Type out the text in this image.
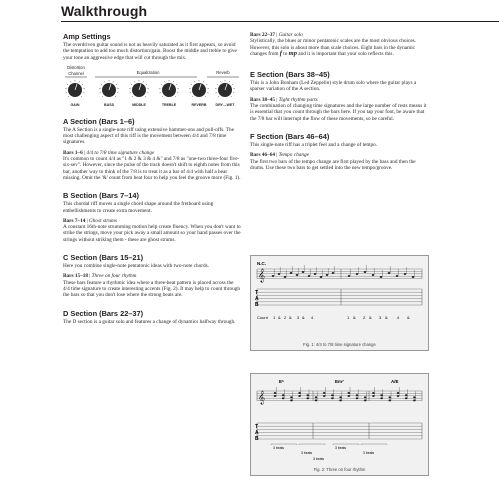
Walkthrough
Amp Settings

The overdriven guitar sound is not as heavily saturated as it first appears, so avoid the temptation to add too much distortion/gain. Boost the middle and treble to give your tone an aggressive edge that will cut through the mix.

Distortion Channel	Equalization	Reverb
GAIN	BASS	MIDDLE	TREBLE	REVERB	DRY—WET
A Section (Bars 1–6)

The A Section is a single-note riff using extensive hammer-ons and pull-offs. The most challenging aspect of this riff is the movement between 4/4 and 7/8 time signatures.

Bars 1–6 | 4/4 to 7/8 time signature change
It's common to count 4/4 as "1 & 2 & 3 & 4 &" and 7/8 as "one-two three-four five-six-sev". However, since the pulse of the track doesn't shift to eighth notes from this bar, another way to think of the 7/8 is to treat it as a bar of 4/4 with half a beat missing. Omit the '&' count from beat four to help you feel the groove more (Fig. 1).

B Section (Bars 7–14)

This chordal riff moves a single chord shape around the fretboard using embellishments to create extra movement.

Bars 7–14 | Ghost strums
A constant 16th-note strumming motion help create fluency. When you don't want to strike the strings, move your pick away a small amount so your hand passes over the strings without striking them - these are ghost strums.

C Section (Bars 15–21)

Here you combine single-note pentatonic ideas with two-note chords.

Bars 15–18 | Three on four rhythm
These bars feature a rhythmic idea where a three-beat pattern is placed across the 4/4 time signature to create interesting accents (Fig. 2). It may help to count through the bars so that you don't lose where the strong beats are.

D Section (Bars 22–37)

The D section is a guitar solo and features a change of dynamics halfway through.

Bars 22–37 | Guitar solo
Stylistically, the blues or minor pentatonic scales are the most obvious choices. However, this solo is about more than scale choices. Eight bars in the dynamic changes from f to mp and it is important that your solo reflects this.

E Section (Bars 38–45)

This is a John Bonham (Led Zeppelin) style drum solo where the guitar plays a sparser variation of the A section.

Bars 38–45 | Tight rhythm parts
The combination of changing time signatures and the large number of rests means it is essential that you count through the bars here. If you tap your foot, be aware that the 7/8 bar will interrupt the flow of these movements, so be careful.

F Section (Bars 46–64)

This single-note riff has a triplet feel and a change of tempo.

Bars 46–64 | Tempo change
The first two bars of the tempo change are first played by the bass and then the drums. Use these two bars to get settled into the new tempo/groove.

N.C.
𝄞
T
A
B
Count 1 & 2 & 3 & 4	1 & 2 & 3 & 4 &
Fig. 1: 4/4 to 7/8 time signature change
E⁵	Em⁷	A/E
𝄞
T
A
B
3 beats
3 beats
3 beats
3 beats
3 beats
Fig. 2: Three on four rhythm
